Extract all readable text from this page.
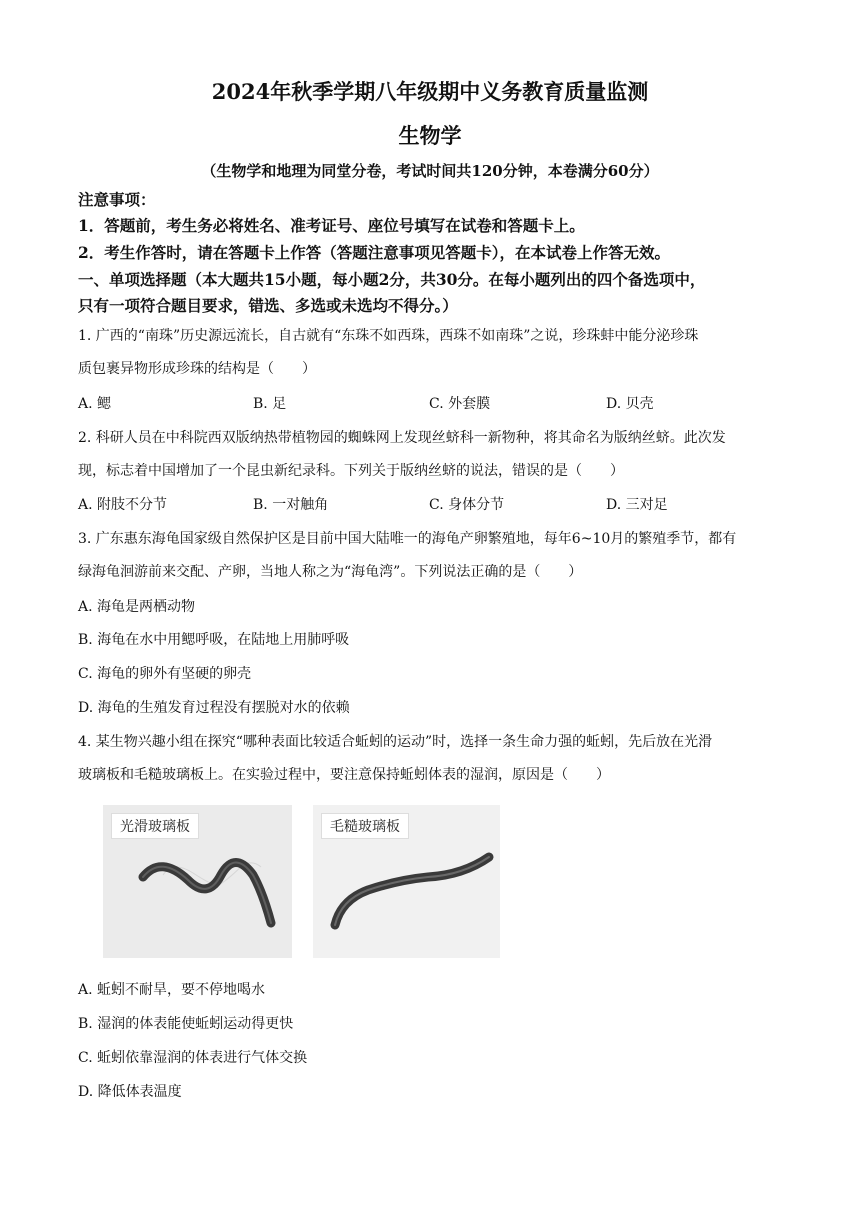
2024年秋季学期八年级期中义务教育质量监测
生物学
（生物学和地理为同堂分卷，考试时间共120分钟，本卷满分60分）
注意事项：
1．答题前，考生务必将姓名、准考证号、座位号填写在试卷和答题卡上。
2．考生作答时，请在答题卡上作答（答题注意事项见答题卡），在本试卷上作答无效。
一、单项选择题（本大题共15小题，每小题2分，共30分。在每小题列出的四个备选项中，
只有一项符合题目要求，错选、多选或未选均不得分。）
1. 广西的“南珠”历史源远流长，自古就有“东珠不如西珠，西珠不如南珠”之说，珍珠蚌中能分泌珍珠
质包裹异物形成珍珠的结构是（　　）
A. 鳃	B. 足	C. 外套膜	D. 贝壳
2. 科研人员在中科院西双版纳热带植物园的蜘蛛网上发现丝蛴科一新物种，将其命名为版纳丝蛴。此次发
现，标志着中国增加了一个昆虫新纪录科。下列关于版纳丝蛴的说法，错误的是（　　）
A. 附肢不分节	B. 一对触角	C. 身体分节	D. 三对足
3. 广东惠东海龟国家级自然保护区是目前中国大陆唯一的海龟产卵繁殖地，每年6~10月的繁殖季节，都有
绿海龟洄游前来交配、产卵，当地人称之为“海龟湾”。下列说法正确的是（　　）
A. 海龟是两栖动物
B. 海龟在水中用鳃呼吸，在陆地上用肺呼吸
C. 海龟的卵外有坚硬的卵壳
D. 海龟的生殖发育过程没有摆脱对水的依赖
4. 某生物兴趣小组在探究“哪种表面比较适合蚯蚓的运动”时，选择一条生命力强的蚯蚓，先后放在光滑
玻璃板和毛糙玻璃板上。在实验过程中，要注意保持蚯蚓体表的湿润，原因是（　　）
光滑玻璃板	毛糙玻璃板
A. 蚯蚓不耐旱，要不停地喝水
B. 湿润的体表能使蚯蚓运动得更快
C. 蚯蚓依靠湿润的体表进行气体交换
D. 降低体表温度
